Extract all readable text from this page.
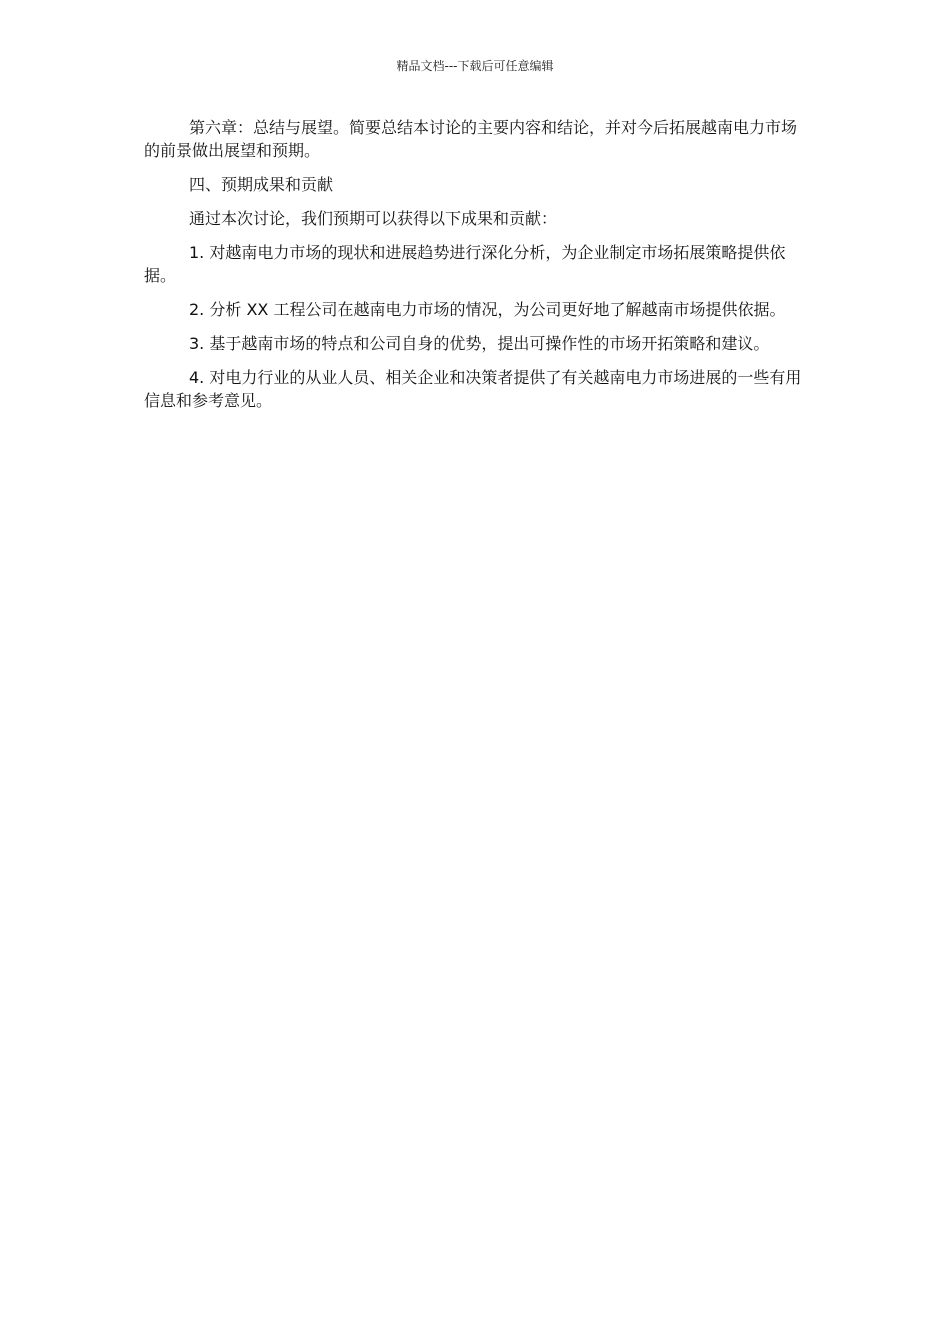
精品文档---下载后可任意编辑

第六章：总结与展望。简要总结本讨论的主要内容和结论，并对今后拓展越南电力市场的前景做出展望和预期。

四、预期成果和贡献

通过本次讨论，我们预期可以获得以下成果和贡献：

1. 对越南电力市场的现状和进展趋势进行深化分析，为企业制定市场拓展策略提供依据。

2. 分析 XX 工程公司在越南电力市场的情况，为公司更好地了解越南市场提供依据。

3. 基于越南市场的特点和公司自身的优势，提出可操作性的市场开拓策略和建议。

4. 对电力行业的从业人员、相关企业和决策者提供了有关越南电力市场进展的一些有用信息和参考意见。
